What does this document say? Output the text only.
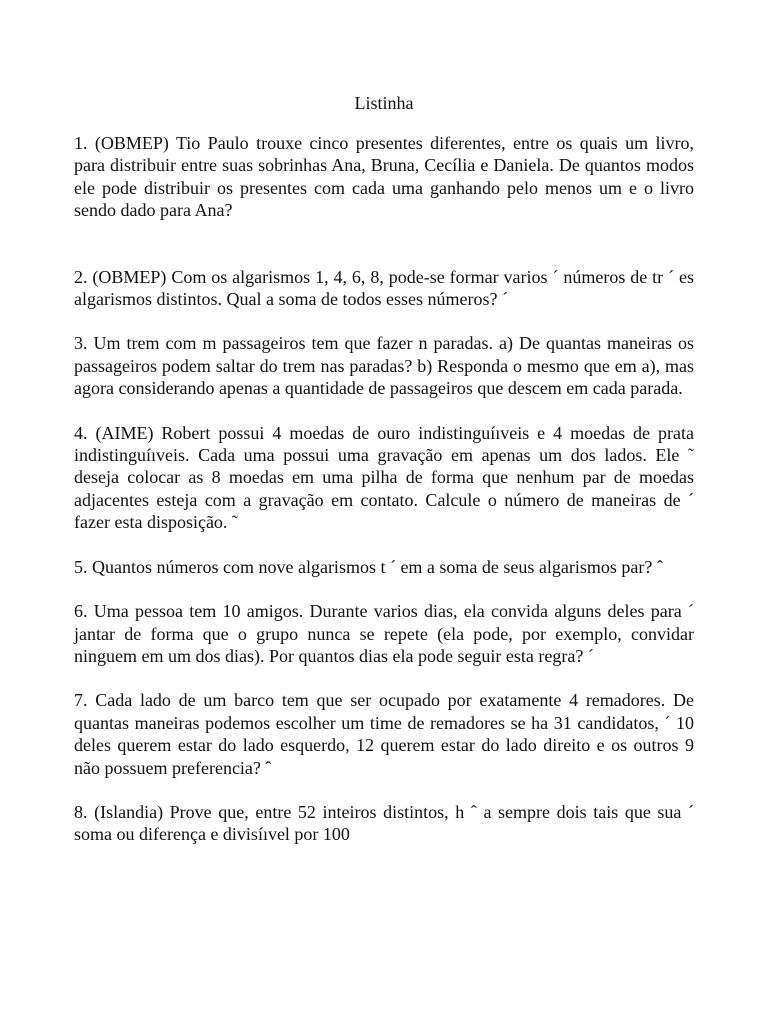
Listinha

1. (OBMEP) Tio Paulo trouxe cinco presentes diferentes, entre os quais um livro, para distribuir entre suas sobrinhas Ana, Bruna, Cecília e Daniela. De quantos modos ele pode distribuir os presentes com cada uma ganhando pelo menos um e o livro sendo dado para Ana?

2. (OBMEP) Com os algarismos 1, 4, 6, 8, pode-se formar varios ´ números de tr ´ es algarismos distintos. Qual a soma de todos esses números? ´

3. Um trem com m passageiros tem que fazer n paradas. a) De quantas maneiras os passageiros podem saltar do trem nas paradas? b) Responda o mesmo que em a), mas agora considerando apenas a quantidade de passageiros que descem em cada parada.

4. (AIME) Robert possui 4 moedas de ouro indistinguíıveis e 4 moedas de prata indistinguíıveis. Cada uma possui uma gravação em apenas um dos lados. Ele ˜ deseja colocar as 8 moedas em uma pilha de forma que nenhum par de moedas adjacentes esteja com a gravação em contato. Calcule o número de maneiras de ´ fazer esta disposição. ˜

5. Quantos números com nove algarismos t ´ em a soma de seus algarismos par? ˆ

6. Uma pessoa tem 10 amigos. Durante varios dias, ela convida alguns deles para ´ jantar de forma que o grupo nunca se repete (ela pode, por exemplo, convidar ninguem em um dos dias). Por quantos dias ela pode seguir esta regra? ´

7. Cada lado de um barco tem que ser ocupado por exatamente 4 remadores. De quantas maneiras podemos escolher um time de remadores se ha 31 candidatos, ´ 10 deles querem estar do lado esquerdo, 12 querem estar do lado direito e os outros 9 não possuem preferencia? ˆ

8. (Islandia) Prove que, entre 52 inteiros distintos, h ˆ a sempre dois tais que sua ´ soma ou diferença e divisíıvel por 100
